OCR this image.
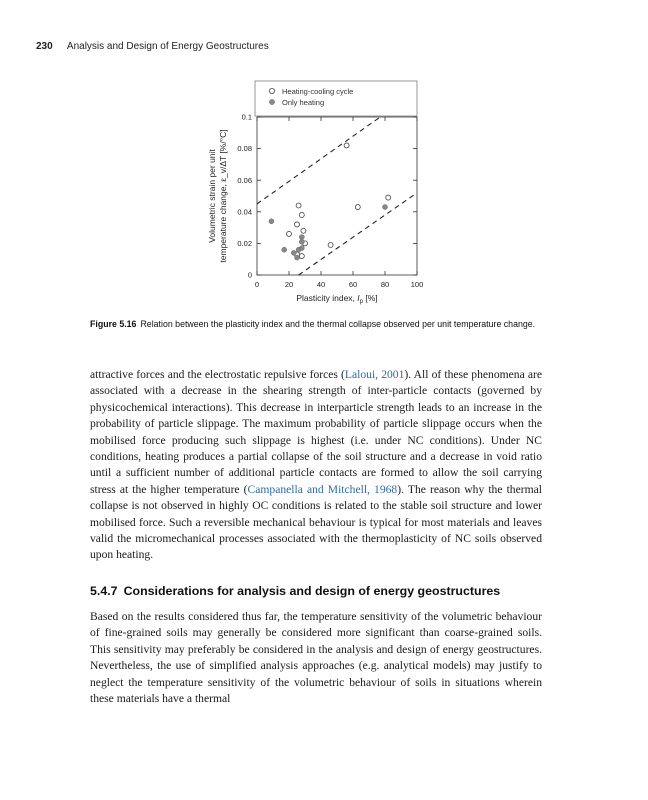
230 Analysis and Design of Energy Geostructures
Heating-cooling cycle
Only heating
0	20	40	60	80	100
0
0.02
0.04
0.06
0.08
0.1
Plasticity index, $I_p$ [%]
Volumetric strain per unit temperature change, ε_v/ΔT [%/°C]
Figure 5.16 Relation between the plasticity index and the thermal collapse observed per unit temperature change.

attractive forces and the electrostatic repulsive forces (Laloui, 2001). All of these phenomena are associated with a decrease in the shearing strength of inter-particle contacts (governed by physicochemical interactions). This decrease in interparticle strength leads to an increase in the probability of particle slippage. The maximum probability of particle slippage occurs when the mobilised force producing such slippage is highest (i.e. under NC conditions). Under NC conditions, heating produces a partial collapse of the soil structure and a decrease in void ratio until a sufficient number of additional particle contacts are formed to allow the soil carrying stress at the higher temperature (Campanella and Mitchell, 1968). The reason why the thermal collapse is not observed in highly OC conditions is related to the stable soil structure and lower mobilised force. Such a reversible mechanical behaviour is typical for most materials and leaves valid the micromechanical processes associated with the thermoplasticity of NC soils observed upon heating.

5.4.7 Considerations for analysis and design of energy geostructures

Based on the results considered thus far, the temperature sensitivity of the volumetric behaviour of fine-grained soils may generally be considered more significant than coarse-grained soils. This sensitivity may preferably be considered in the analysis and design of energy geostructures. Nevertheless, the use of simplified analysis approaches (e.g. analytical models) may justify to neglect the temperature sensitivity of the volumetric behaviour of soils in situations wherein these materials have a thermal
